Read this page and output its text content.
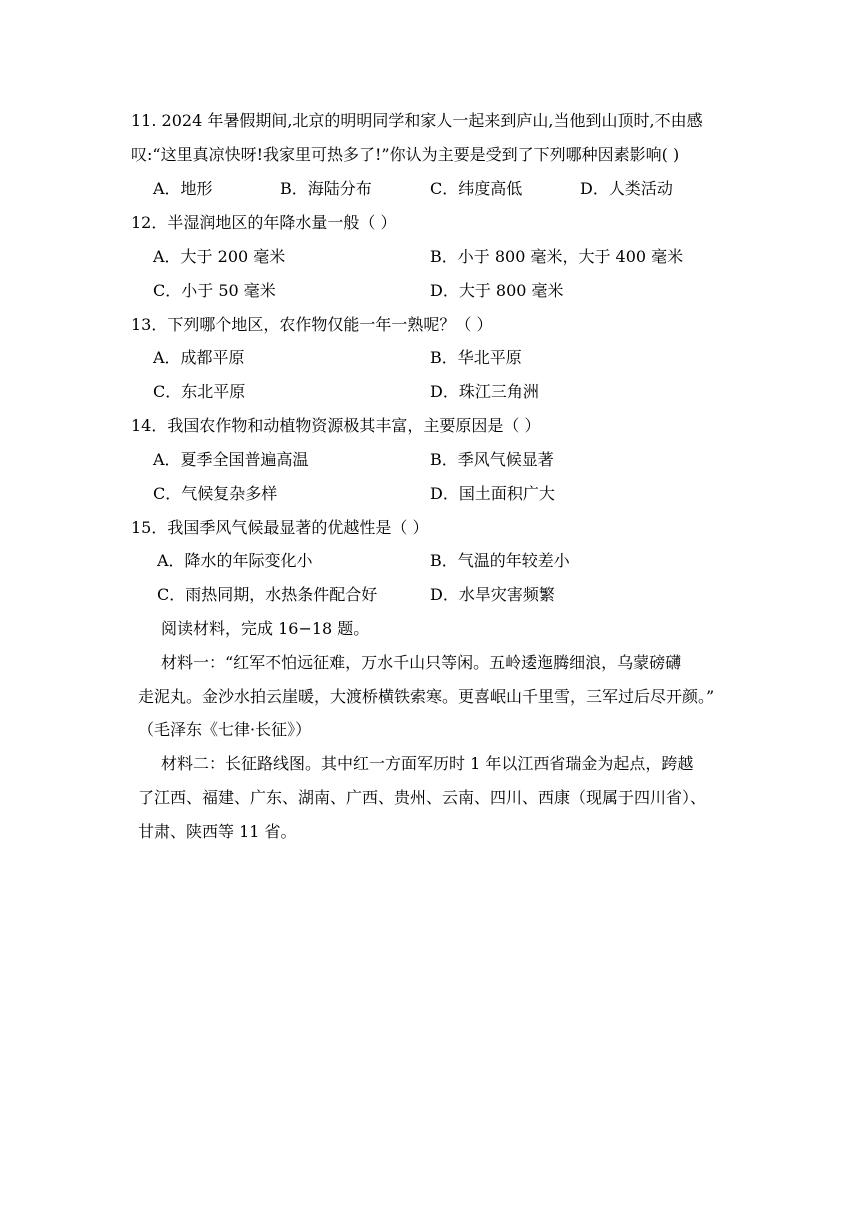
11. 2024 年暑假期间,北京的明明同学和家人一起来到庐山,当他到山顶时,不由感
叹:“这里真凉快呀!我家里可热多了!”你认为主要是受到了下列哪种因素影响( )
A．地形	B．海陆分布	C．纬度高低	D．人类活动
12．半湿润地区的年降水量一般（ ）
A．大于 200 毫米	B．小于 800 毫米，大于 400 毫米
C．小于 50 毫米	D．大于 800 毫米
13．下列哪个地区，农作物仅能一年一熟呢？（ ）
A．成都平原	B．华北平原
C．东北平原	D．珠江三角洲
14．我国农作物和动植物资源极其丰富，主要原因是（ ）
A．夏季全国普遍高温	B．季风气候显著
C．气候复杂多样	D．国土面积广大
15．我国季风气候最显著的优越性是（ ）
A．降水的年际变化小	B．气温的年较差小
C．雨热同期，水热条件配合好	D．水旱灾害频繁
阅读材料，完成 16−18 题。
材料一：“红军不怕远征难，万水千山只等闲。五岭逶迤腾细浪，乌蒙磅礴
走泥丸。金沙水拍云崖暖，大渡桥横铁索寒。更喜岷山千里雪，三军过后尽开颜。”
（毛泽东《七律·长征》）
材料二：长征路线图。其中红一方面军历时 1 年以江西省瑞金为起点，跨越
了江西、福建、广东、湖南、广西、贵州、云南、四川、西康（现属于四川省）、
甘肃、陕西等 11 省。
